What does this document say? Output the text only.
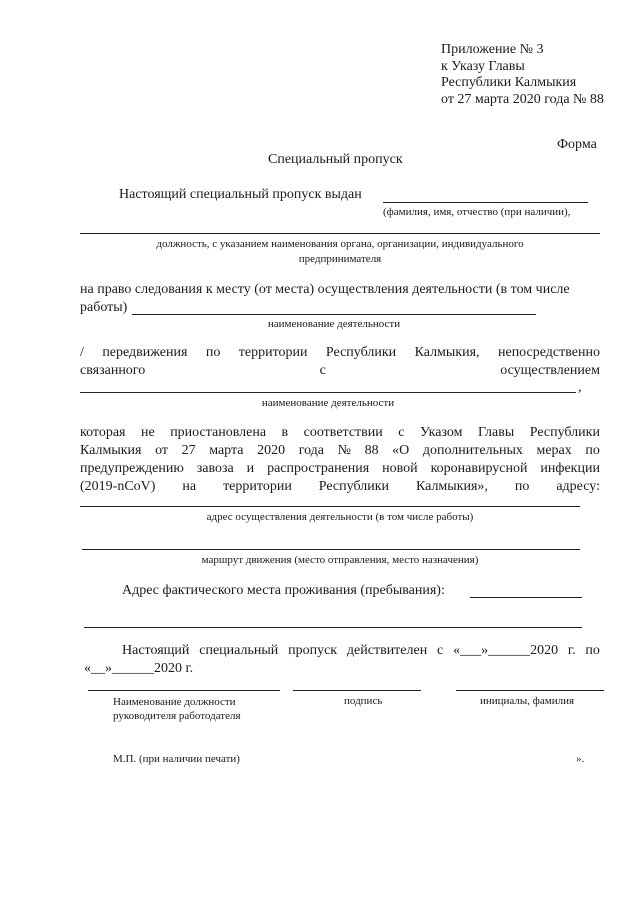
Приложение № 3
к Указу Главы
Республики Калмыкия
от 27 марта 2020 года № 88
Форма
Специальный пропуск
Настоящий специальный пропуск выдан
(фамилия, имя, отчество (при наличии),
должность, с указанием наименования органа, организации, индивидуального
предпринимателя
на право следования к месту (от места) осуществления деятельности (в том числе
работы)
наименование деятельности
/ передвижения по территории Республики Калмыкия, непосредственно
связанного	с	осуществлением
,
наименование деятельности
которая не приостановлена в соответствии с Указом Главы Республики
Калмыкия от 27 марта 2020 года № 88 «О дополнительных мерах по
предупреждению завоза и распространения новой коронавирусной инфекции
(2019-nCoV) на территории Республики Калмыкия», по адресу:
адрес осуществления деятельности (в том числе работы)
маршрут движения (место отправления, место назначения)
Адрес фактического места проживания (пребывания):
Настоящий специальный пропуск действителен с «___»______2020 г. по
«__»______2020 г.
Наименование должности
руководителя работодателя
подпись	инициалы, фамилия
М.П. (при наличии печати)	».
